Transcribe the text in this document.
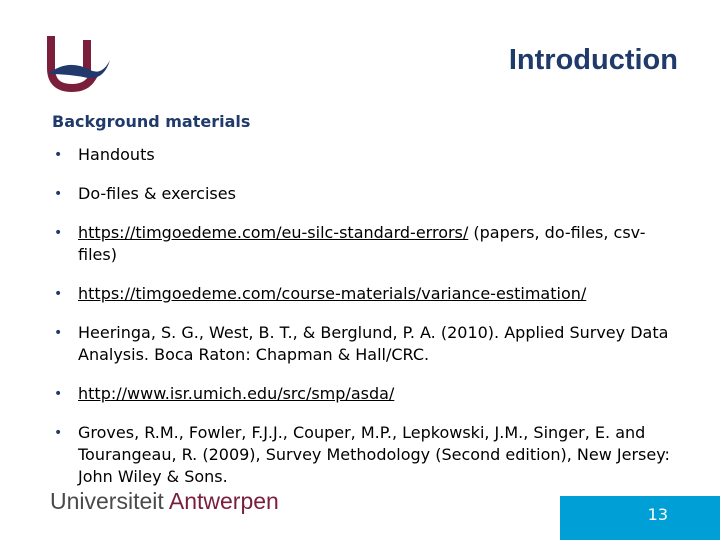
Introduction
Background materials
• Handouts
• Do-files & exercises
• https://timgoedeme.com/eu-silc-standard-errors/ (papers, do-files, csv-files)
• https://timgoedeme.com/course-materials/variance-estimation/
• Heeringa, S. G., West, B. T., & Berglund, P. A. (2010). Applied Survey Data Analysis. Boca Raton: Chapman & Hall/CRC.
• http://www.isr.umich.edu/src/smp/asda/
• Groves, R.M., Fowler, F.J.J., Couper, M.P., Lepkowski, J.M., Singer, E. and Tourangeau, R. (2009), Survey Methodology (Second edition), New Jersey: John Wiley & Sons.
Universiteit Antwerpen
13
